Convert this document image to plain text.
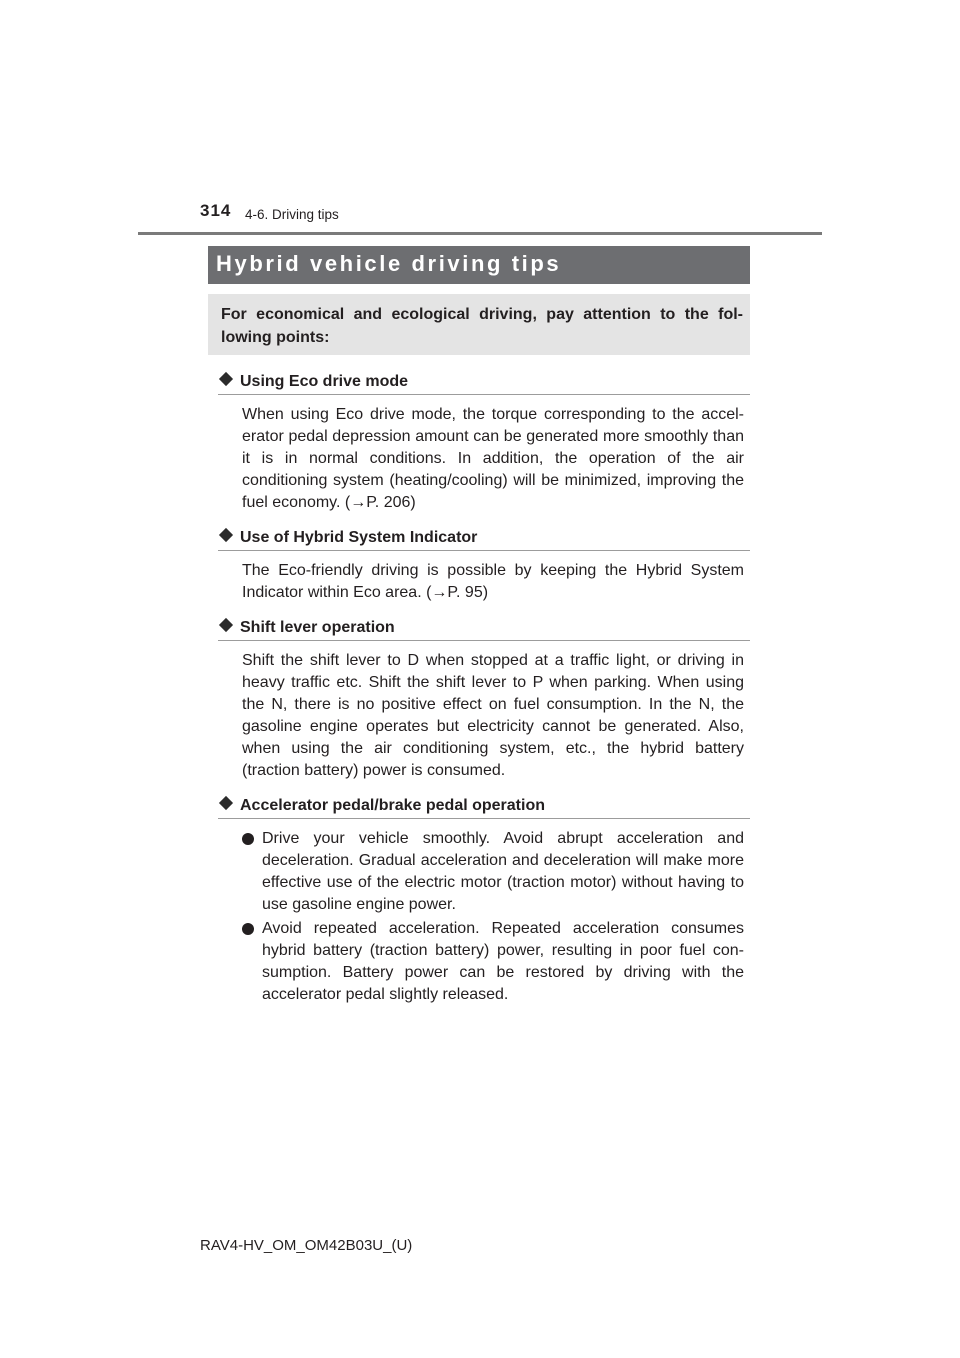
314 4-6. Driving tips
Hybrid vehicle driving tips
For economical and ecological driving, pay attention to the fol-lowing points:
Using Eco drive mode
When using Eco drive mode, the torque corresponding to the accel-erator pedal depression amount can be generated more smoothly than it is in normal conditions. In addition, the operation of the air conditioning system (heating/cooling) will be minimized, improving the fuel economy. (→P. 206)
Use of Hybrid System Indicator
The Eco-friendly driving is possible by keeping the Hybrid System Indicator within Eco area. (→P. 95)
Shift lever operation
Shift the shift lever to D when stopped at a traffic light, or driving in heavy traffic etc. Shift the shift lever to P when parking. When using the N, there is no positive effect on fuel consumption. In the N, the gasoline engine operates but electricity cannot be generated. Also, when using the air conditioning system, etc., the hybrid battery (traction battery) power is consumed.
Accelerator pedal/brake pedal operation
Drive your vehicle smoothly. Avoid abrupt acceleration and deceleration. Gradual acceleration and deceleration will make more effective use of the electric motor (traction motor) without having to use gasoline engine power.
Avoid repeated acceleration. Repeated acceleration consumes hybrid battery (traction battery) power, resulting in poor fuel con-sumption. Battery power can be restored by driving with the accelerator pedal slightly released.
RAV4-HV_OM_OM42B03U_(U)
